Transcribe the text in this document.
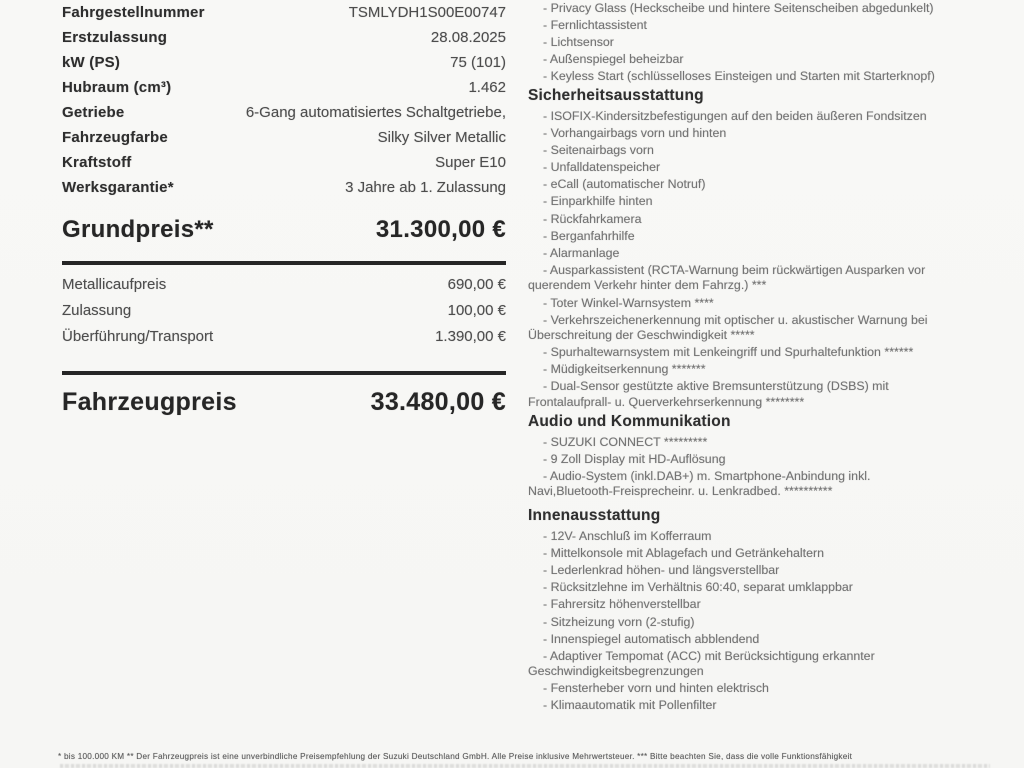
Fahrgestellnummer	TSMLYDH1S00E00747
Erstzulassung	28.08.2025
kW (PS)	75 (101)
Hubraum (cm³)	1.462
Getriebe	6-Gang automatisiertes Schaltgetriebe,
Fahrzeugfarbe	Silky Silver Metallic
Kraftstoff	Super E10
Werksgarantie*	3 Jahre ab 1. Zulassung
Grundpreis**	31.300,00 €
Metallicaufpreis	690,00 €
Zulassung	100,00 €
Überführung/Transport	1.390,00 €
Fahrzeugpreis	33.480,00 €
- Privacy Glass (Heckscheibe und hintere Seitenscheiben abgedunkelt)
- Fernlichtassistent
- Lichtsensor
- Außenspiegel beheizbar
- Keyless Start (schlüsselloses Einsteigen und Starten mit Starterknopf)
Sicherheitsausstattung
- ISOFIX-Kindersitzbefestigungen auf den beiden äußeren Fondsitzen
- Vorhangairbags vorn und hinten
- Seitenairbags vorn
- Unfalldatenspeicher
- eCall (automatischer Notruf)
- Einparkhilfe hinten
- Rückfahrkamera
- Berganfahrhilfe
- Alarmanlage
- Ausparkassistent (RCTA-Warnung beim rückwärtigen Ausparken vor querendem Verkehr hinter dem Fahrzg.) ***
- Toter Winkel-Warnsystem ****
- Verkehrszeichenerkennung mit optischer u. akustischer Warnung bei Überschreitung der Geschwindigkeit *****
- Spurhaltewarnsystem mit Lenkeingriff und Spurhaltefunktion ******
- Müdigkeitserkennung *******
- Dual-Sensor gestützte aktive Bremsunterstützung (DSBS) mit Frontalaufprall- u. Querverkehrserkennung ********
Audio und Kommunikation
- SUZUKI CONNECT *********
- 9 Zoll Display mit HD-Auflösung
- Audio-System (inkl.DAB+) m. Smartphone-Anbindung inkl. Navi,Bluetooth-Freisprecheinr. u. Lenkradbed. **********
Innenausstattung
- 12V- Anschluß im Kofferraum
- Mittelkonsole mit Ablagefach und Getränkehaltern
- Lederlenkrad höhen- und längsverstellbar
- Rücksitzlehne im Verhältnis 60:40, separat umklappbar
- Fahrersitz höhenverstellbar
- Sitzheizung vorn (2-stufig)
- Innenspiegel automatisch abblendend
- Adaptiver Tempomat (ACC) mit Berücksichtigung erkannter Geschwindigkeitsbegrenzungen
- Fensterheber vorn und hinten elektrisch
- Klimaautomatik mit Pollenfilter
* bis 100.000 KM ** Der Fahrzeugpreis ist eine unverbindliche Preisempfehlung der Suzuki Deutschland GmbH. Alle Preise inklusive Mehrwertsteuer. *** Bitte beachten Sie, dass die volle Funktionsfähigkeit
